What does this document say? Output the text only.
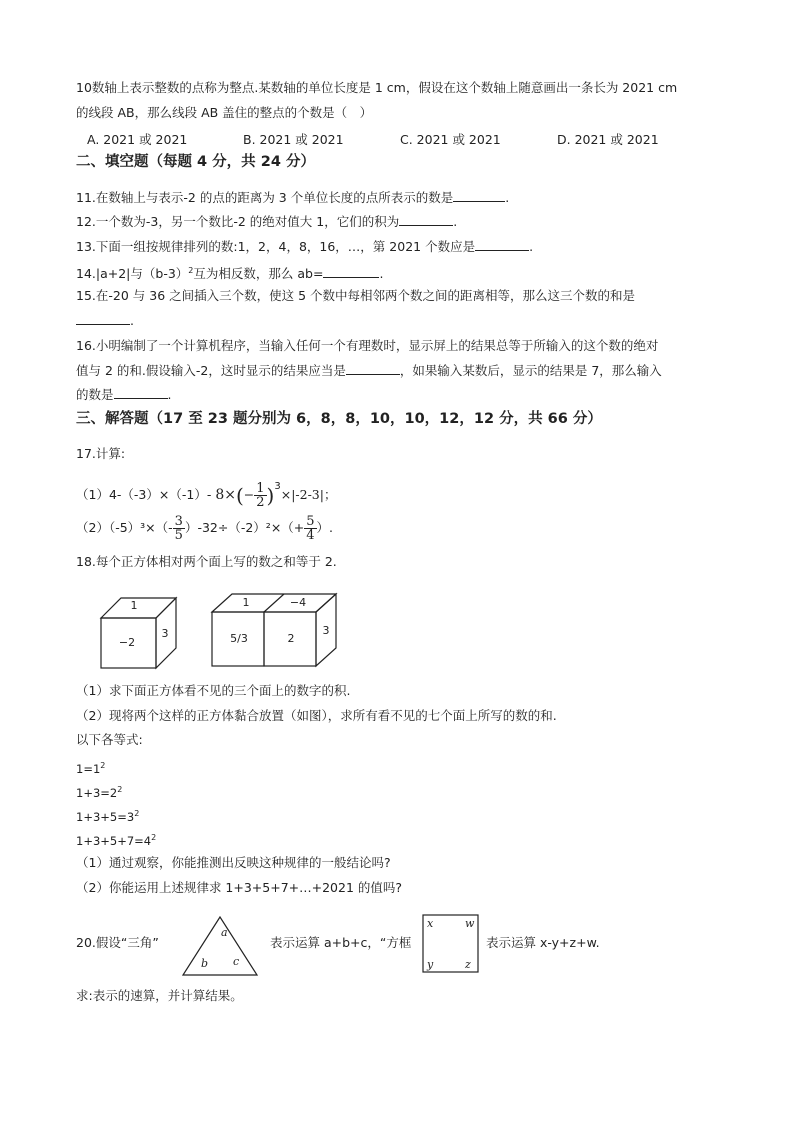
10数轴上表示整数的点称为整点.某数轴的单位长度是 1 cm，假设在这个数轴上随意画出一条长为 2021 cm
的线段 AB，那么线段 AB 盖住的整点的个数是（　）
A. 2021 或 2021	B. 2021 或 2021	C. 2021 或 2021	D. 2021 或 2021
二、填空题（每题 4 分，共 24 分）
11.在数轴上与表示-2 的点的距离为 3 个单位长度的点所表示的数是	.
12.一个数为-3，另一个数比-2 的绝对值大 1，它们的积为	.
13.下面一组按规律排列的数:1，2，4，8，16，…，第 2021 个数应是	.
14.|a+2|与$(b-3)^2$互为相反数，那么 ab=	.
15.在-20 与 36 之间插入三个数，使这 5 个数中每相邻两个数之间的距离相等，那么这三个数的和是
.
16.小明编制了一个计算机程序，当输入任何一个有理数时，显示屏上的结果总等于所输入的这个数的绝对
值与 2 的和.假设输入-2，这时显示的结果应当是	，如果输入某数后，显示的结果是 7，那么输入
的数是	.
三、解答题（17 至 23 题分别为 6，8，8，10，10，12，12 分，共 66 分）
17.计算:
（1）4-（-3）×（-1）- $8\times(- \frac{1}{2} )^3\times|-2-3|$；
$(2)(-5)^3\times(- \frac{3}{5} )-32\div(-2)^2\times(+ \frac{5}{4}$ ）.
18.每个正方体相对两个面上写的数之和等于 2.
1
−2
3
1	−4
5/3	2
3
（1）求下面正方体看不见的三个面上的数字的积.
（2）现将两个这样的正方体黏合放置（如图），求所有看不见的七个面上所写的数的和.
以下各等式:
$1=1^2$
$1+3=2^2$
$1+3+5=3^2$
$1+3+5+7=4^2$
（1）通过观察，你能推测出反映这种规律的一般结论吗?
（2）你能运用上述规律求 1+3+5+7+…+2021 的值吗?
20.假设“三角”
a
b c
表示运算 a+b+c，“方框
x	w
y	z
表示运算 x-y+z+w.
求:表示的速算，并计算结果。
